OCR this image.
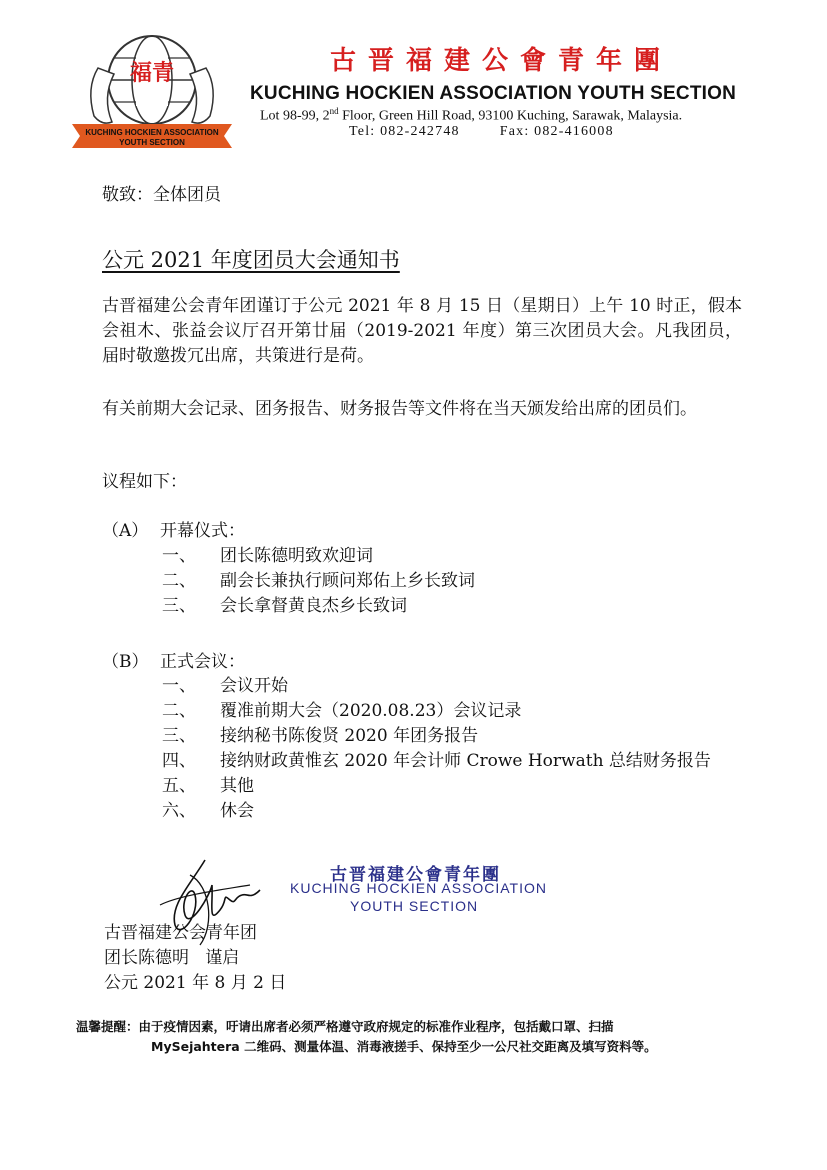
福青
KUCHING HOCKIEN ASSOCIATION
YOUTH SECTION
古晋福建公會青年團
KUCHING HOCKIEN ASSOCIATION YOUTH SECTION
Lot 98-99, 2nd Floor, Green Hill Road, 93100 Kuching, Sarawak, Malaysia.
Tel: 082-242748	Fax: 082-416008
敬致：全体团员
公元 2021 年度团员大会通知书
古晋福建公会青年团谨订于公元 2021 年 8 月 15 日（星期日）上午 10 时正，假本会祖木、张益会议厅召开第廿届（2019-2021 年度）第三次团员大会。凡我团员，届时敬邀拨冗出席，共策进行是荷。
有关前期大会记录、团务报告、财务报告等文件将在当天颁发给出席的团员们。
议程如下：
（A） 开幕仪式：
一、 团长陈德明致欢迎词
二、 副会长兼执行顾问郑佑上乡长致词
三、 会长拿督黄良杰乡长致词
（B） 正式会议：
一、 会议开始
二、 覆准前期大会（2020.08.23）会议记录
三、 接纳秘书陈俊贤 2020 年团务报告
四、 接纳财政黄惟玄 2020 年会计师 Crowe Horwath 总结财务报告
五、 其他
六、 休会
古晋福建公會青年團
KUCHING HOCKIEN ASSOCIATION
YOUTH SECTION
古晋福建公会青年团
团长陈德明   谨启
公元 2021 年 8 月 2 日
温馨提醒：由于疫情因素，吁请出席者必须严格遵守政府规定的标准作业程序，包括戴口罩、扫描
MySejahtera 二维码、测量体温、消毒液搓手、保持至少一公尺社交距离及填写资料等。
